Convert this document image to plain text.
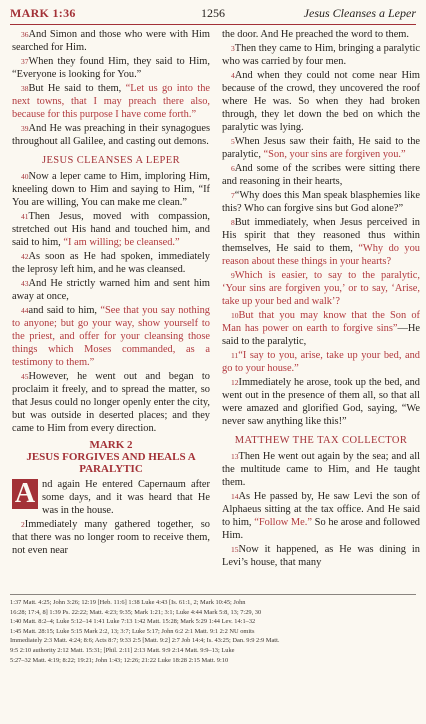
MARK 1:36	1256	Jesus Cleanses a Leper

$^{36}$And Simon and those who were with Him searched for Him.

$^{37}$When they found Him, they said to Him, “Everyone is looking for You.”

$^{38}$But He said to them, “Let us go into the next towns, that I may preach there also, because for this purpose I have come forth.”

$^{39}$And He was preaching in their synagogues throughout all Galilee, and casting out demons.

JESUS CLEANSES A LEPER

$^{40}$Now a leper came to Him, imploring Him, kneeling down to Him and saying to Him, “If You are willing, You can make me clean.”

$^{41}$Then Jesus, moved with compassion, stretched out His hand and touched him, and said to him, “I am willing; be cleansed.”

$^{42}$As soon as He had spoken, immediately the leprosy left him, and he was cleansed.

$^{43}$And He strictly warned him and sent him away at once,

$^{44}$and said to him, “See that you say nothing to anyone; but go your way, show yourself to the priest, and offer for your cleansing those things which Moses commanded, as a testimony to them.”

$^{45}$However, he went out and began to proclaim it freely, and to spread the matter, so that Jesus could no longer openly enter the city, but was outside in deserted places; and they came to Him from every direction.

MARK 2
JESUS FORGIVES AND HEALS A PARALYTIC

A nd again He entered Capernaum after some days, and it was heard that He was in the house.

$^2$Immediately many gathered together, so that there was no longer room to receive them, not even near

the door. And He preached the word to them.

$^3$Then they came to Him, bringing a paralytic who was carried by four men.

$^4$And when they could not come near Him because of the crowd, they uncovered the roof where He was. So when they had broken through, they let down the bed on which the paralytic was lying.

$^5$When Jesus saw their faith, He said to the paralytic, “Son, your sins are forgiven you.”

$^6$And some of the scribes were sitting there and reasoning in their hearts,

$^7$“Why does this Man speak blasphemies like this? Who can forgive sins but God alone?”

$^8$But immediately, when Jesus perceived in His spirit that they reasoned thus within themselves, He said to them, “Why do you reason about these things in your hearts?

$^9$Which is easier, to say to the paralytic, ‘Your sins are forgiven you,’ or to say, ‘Arise, take up your bed and walk’?

$^{10}$But that you may know that the Son of Man has power on earth to forgive sins”—He said to the paralytic,

$^{11}$“I say to you, arise, take up your bed, and go to your house.”

$^{12}$Immediately he arose, took up the bed, and went out in the presence of them all, so that all were amazed and glorified God, saying, “We never saw anything like this!”

MATTHEW THE TAX COLLECTOR

$^{13}$Then He went out again by the sea; and all the multitude came to Him, and He taught them.

$^{14}$As He passed by, He saw Levi the son of Alphaeus sitting at the tax office. And He said to him, “Follow Me.” So he arose and followed Him.

$^{15}$Now it happened, as He was dining in Levi’s house, that many

1:37 Matt. 4:25; John 3:26; 12:19 [Heb. 11:6] 1:38 Luke 4:43 [Is. 61:1, 2; Mark 10:45; John
16:28; 17:4, 8] 1:39 Ps. 22:22; Matt. 4:23; 9:35; Mark 1:21; 3:1; Luke 4:44 Mark 5:8, 13; 7:29, 30
1:40 Matt. 8:2–4; Luke 5:12–14 1:41 Luke 7:13 1:42 Matt. 15:28; Mark 5:29 1:44 Lev. 14:1–32
1:45 Matt. 28:15; Luke 5:15 Mark 2:2, 13; 3:7; Luke 5:17; John 6:2 2:1 Matt. 9:1 2:2 NU omits
Immediately 2:3 Matt. 4:24; 8:6; Acts 8:7; 9:33 2:5 [Matt. 9:2] 2:7 Job 14:4; Is. 43:25; Dan. 9:9 2:9 Matt.
9:5 2:10 authority 2:12 Matt. 15:31; [Phil. 2:11] 2:13 Matt. 9:9 2:14 Matt. 9:9–13; Luke
5:27–32 Matt. 4:19; 8:22; 19:21; John 1:43; 12:26; 21:22 Luke 18:28 2:15 Matt. 9:10
